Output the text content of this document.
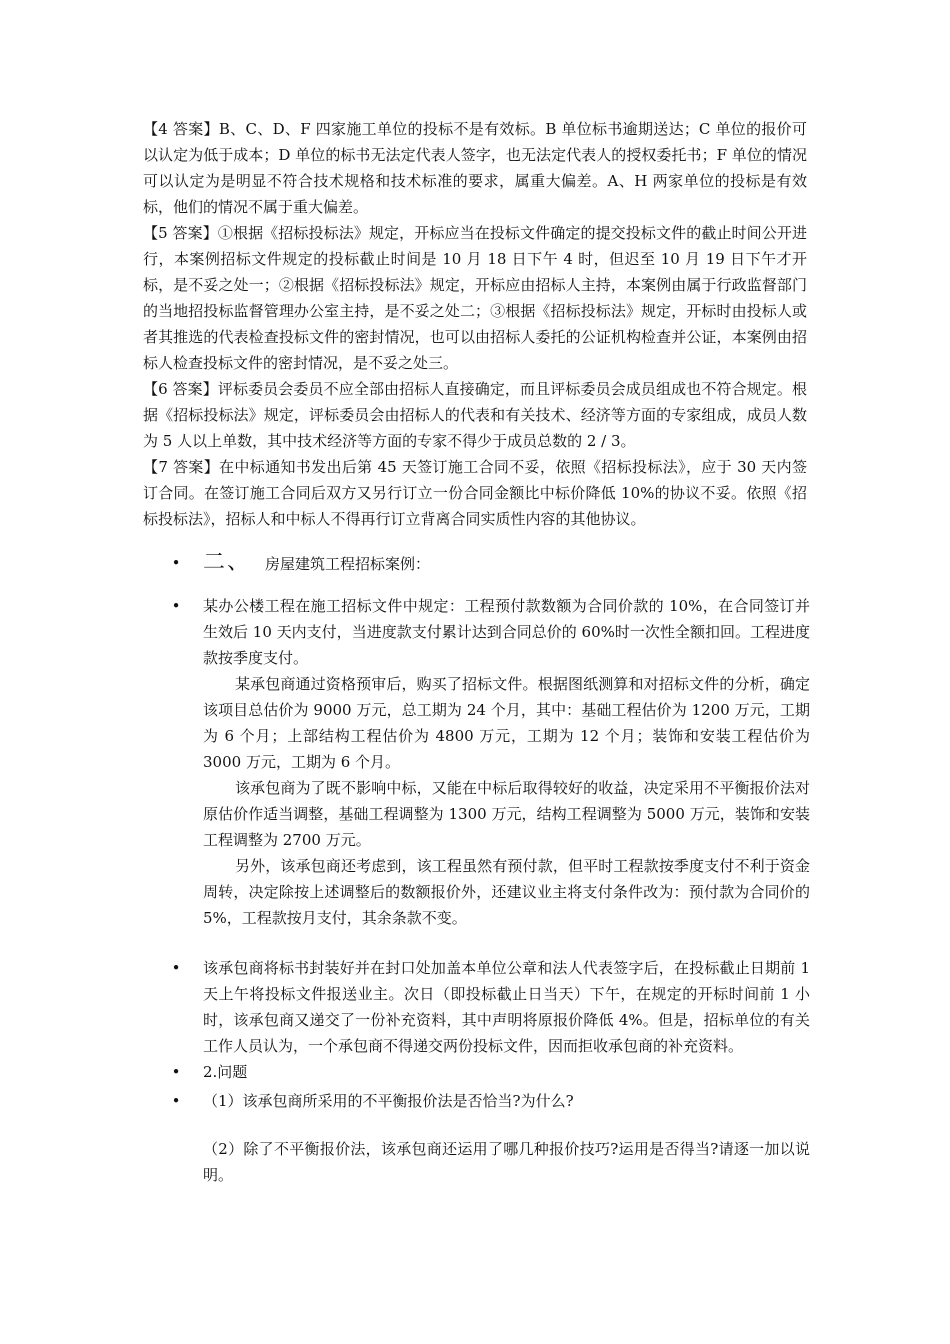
【4 答案】B、C、D、F 四家施工单位的投标不是有效标。B 单位标书逾期送达；C 单位的报价可以认定为低于成本；D 单位的标书无法定代表人签字，也无法定代表人的授权委托书；F 单位的情况可以认定为是明显不符合技术规格和技术标准的要求，属重大偏差。A、H 两家单位的投标是有效标，他们的情况不属于重大偏差。

【5 答案】①根据《招标投标法》规定，开标应当在投标文件确定的提交投标文件的截止时间公开进行，本案例招标文件规定的投标截止时间是 10 月 18 日下午 4 时，但迟至 10 月 19 日下午才开标，是不妥之处一；②根据《招标投标法》规定，开标应由招标人主持，本案例由属于行政监督部门的当地招投标监督管理办公室主持，是不妥之处二；③根据《招标投标法》规定，开标时由投标人或者其推选的代表检查投标文件的密封情况，也可以由招标人委托的公证机构检查并公证，本案例由招标人检查投标文件的密封情况，是不妥之处三。

【6 答案】评标委员会委员不应全部由招标人直接确定，而且评标委员会成员组成也不符合规定。根据《招标投标法》规定，评标委员会由招标人的代表和有关技术、经济等方面的专家组成，成员人数为 5 人以上单数，其中技术经济等方面的专家不得少于成员总数的 2 / 3。

【7 答案】在中标通知书发出后第 45 天签订施工合同不妥，依照《招标投标法》，应于 30 天内签订合同。在签订施工合同后双方又另行订立一份合同金额比中标价降低 10%的协议不妥。依照《招标投标法》，招标人和中标人不得再行订立背离合同实质性内容的其他协议。

• 二、 房屋建筑工程招标案例：
• 某办公楼工程在施工招标文件中规定：工程预付款数额为合同价款的 10%，在合同签订并生效后 10 天内支付，当进度款支付累计达到合同总价的 60%时一次性全额扣回。工程进度款按季度支付。

某承包商通过资格预审后，购买了招标文件。根据图纸测算和对招标文件的分析，确定该项目总估价为 9000 万元，总工期为 24 个月，其中：基础工程估价为 1200 万元，工期为 6 个月；上部结构工程估价为 4800 万元，工期为 12 个月；装饰和安装工程估价为 3000 万元，工期为 6 个月。

该承包商为了既不影响中标，又能在中标后取得较好的收益，决定采用不平衡报价法对原估价作适当调整，基础工程调整为 1300 万元，结构工程调整为 5000 万元，装饰和安装工程调整为 2700 万元。

另外，该承包商还考虑到，该工程虽然有预付款，但平时工程款按季度支付不利于资金周转，决定除按上述调整后的数额报价外，还建议业主将支付条件改为：预付款为合同价的 5%，工程款按月支付，其余条款不变。

• 该承包商将标书封装好并在封口处加盖本单位公章和法人代表签字后，在投标截止日期前 1 天上午将投标文件报送业主。次日（即投标截止日当天）下午，在规定的开标时间前 1 小时，该承包商又递交了一份补充资料，其中声明将原报价降低 4%。但是，招标单位的有关工作人员认为，一个承包商不得递交两份投标文件，因而拒收承包商的补充资料。

• 2.问题

• （1）该承包商所采用的不平衡报价法是否恰当?为什么?

（2）除了不平衡报价法，该承包商还运用了哪几种报价技巧?运用是否得当?请逐一加以说明。
